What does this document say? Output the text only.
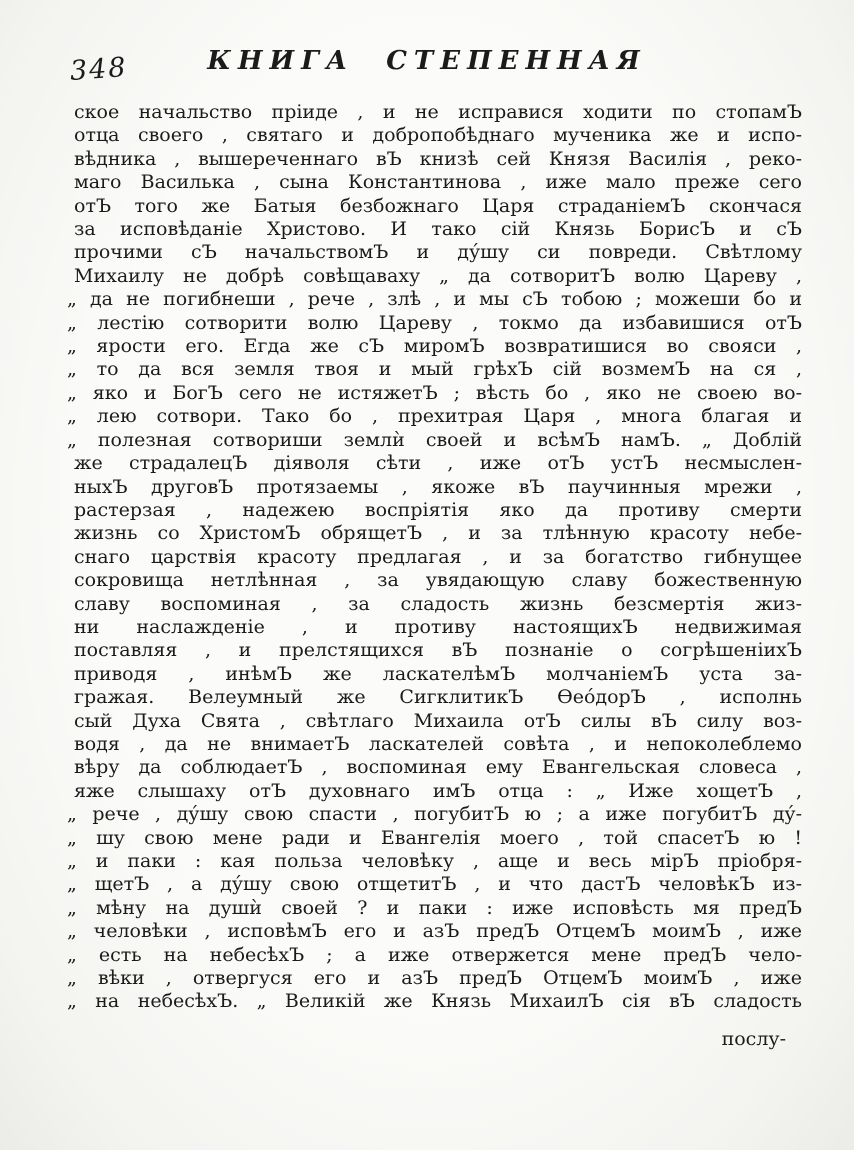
348	КНИГА СТЕПЕННАЯ
ское начальство пріиде , и не исправися ходити по стопамЪ
отца своего , святаго и добропобѣднаго мученика же и испо-
вѣдника , вышереченнаго вЪ книзѣ сей Князя Василія , реко-
маго Василька , сына Константинова , иже мало преже сего
отЪ того же Батыя безбожнаго Царя страданіемЪ скончася
за исповѣданіе Христово. И тако сій Князь БорисЪ и сЪ
прочими сЪ начальствомЪ и ду́шу си повреди. Свѣтлому
Михаилу не добрѣ совѣщаваху „ да сотворитЪ волю Цареву ,
„ да не погибнеши , рече , злѣ , и мы сЪ тобою ; можеши бо и
„ лестію сотворити волю Цареву , токмо да избавишися отЪ
„ ярости его. Егда же сЪ миромЪ возвратишися во свояси ,
„ то да вся земля твоя и мый грѣхЪ сій возмемЪ на ся ,
„ яко и БогЪ сего не истяжетЪ ; вѣсть бо , яко не своею во-
„ лею сотвори. Тако бо , прехитрая Царя , многа благая и
„ полезная сотвориши землѝ своей и всѣмЪ намЪ. „ Доблій
же страдалецЪ діяволя сѣти , иже отЪ устЪ несмыслен-
ныхЪ друговЪ протязаемы , якоже вЪ паучинныя мрежи ,
растерзая , надежею воспріятія яко да противу смерти
жизнь со ХристомЪ обрящетЪ , и за тлѣнную красоту небе-
снаго царствія красоту предлагая , и за богатство гибнущее
сокровища нетлѣнная , за увядающую славу божественную
славу воспоминая , за сладость жизнь безсмертія жиз-
ни наслажденіе , и противу настоящихЪ недвижимая
поставляя , и прелстящихся вЪ познаніе о согрѣшеніихЪ
приводя , инѣмЪ же ласкателѣмЪ молчаніемЪ уста за-
гражая. Велеумный же СигклитикЪ Ѳео́дорЪ , исполнь
сый Духа Свята , свѣтлаго Михаила отЪ силы вЪ силу воз-
водя , да не внимаетЪ ласкателей совѣта , и непоколеблемо
вѣру да соблюдаетЪ , воспоминая ему Евангельская словеса ,
яже слышаху отЪ духовнаго имЪ отца : „ Иже хощетЪ ,
„ рече , ду́шу свою спасти , погубитЪ ю ; а иже погубитЪ ду́-
„ шу свою мене ради и Евангелія моего , той спасетЪ ю !
„ и паки : кая польза человѣку , аще и весь мірЪ пріобря-
„ щетЪ , а ду́шу свою отщетитЪ , и что дастЪ человѣкЪ из-
„ мѣну на душѝ своей ? и паки : иже исповѣсть мя предЪ
„ человѣки , исповѣмЪ его и азЪ предЪ ОтцемЪ моимЪ , иже
„ есть на небесѣхЪ ; а иже отвержется мене предЪ чело-
„ вѣки , отвергуся его и азЪ предЪ ОтцемЪ моимЪ , иже
„ на небесѣхЪ. „ Великій же Князь МихаилЪ сія вЪ сладость
послу-
